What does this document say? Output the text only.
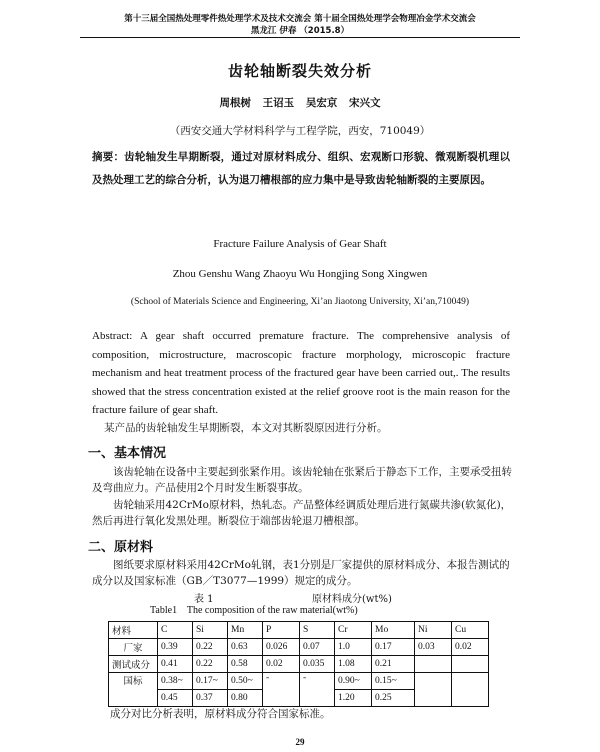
第十三届全国热处理零件热处理学术及技术交流会 第十届全国热处理学会物理冶金学术交流会
黑龙江 伊春 （2015.8）
齿轮轴断裂失效分析
周根树 王诏玉 吴宏京 宋兴文
（西安交通大学材料科学与工程学院，西安，710049）
摘要：齿轮轴发生早期断裂，通过对原材料成分、组织、宏观断口形貌、微观断裂机理以及热处理工艺的综合分析，认为退刀槽根部的应力集中是导致齿轮轴断裂的主要原因。
Fracture Failure Analysis of Gear Shaft
Zhou Genshu Wang Zhaoyu Wu Hongjing Song Xingwen
(School of Materials Science and Engineering, Xi’an Jiaotong University, Xi’an,710049)
Abstract: A gear shaft occurred premature fracture. The comprehensive analysis of composition, microstructure, macroscopic fracture morphology, microscopic fracture mechanism and heat treatment process of the fractured gear have been carried out,. The results showed that the stress concentration existed at the relief groove root is the main reason for the fracture failure of gear shaft.
某产品的齿轮轴发生早期断裂，本文对其断裂原因进行分析。
一、基本情况
该齿轮轴在设备中主要起到张紧作用。该齿轮轴在张紧后于静态下工作，主要承受扭转及弯曲应力。产品使用2个月时发生断裂事故。
齿轮轴采用42CrMo原材料，热轧态。产品整体经调质处理后进行氮碳共渗(软氮化)，然后再进行氧化发黑处理。断裂位于端部齿轮退刀槽根部。
二、原材料
图纸要求原材料采用42CrMo轧钢，表1分别是厂家提供的原材料成分、本报告测试的成分以及国家标准（GB／T3077—1999）规定的成分。
表 1	原材料成分(wt%)
Table1    The composition of the raw material(wt%)
材料	C	Si	Mn	P	S	Cr	Mo	Ni	Cu
厂家	0.39	0.22	0.63	0.026	0.07	1.0	0.17	0.03	0.02
测试成分	0.41	0.22	0.58	0.02	0.035	1.08	0.21		
国标	0.38~	0.17~	0.50~	-	-	0.90~	0.15~		
	0.45	0.37	0.80			1.20	0.25		
成分对比分析表明，原材料成分符合国家标准。
29
